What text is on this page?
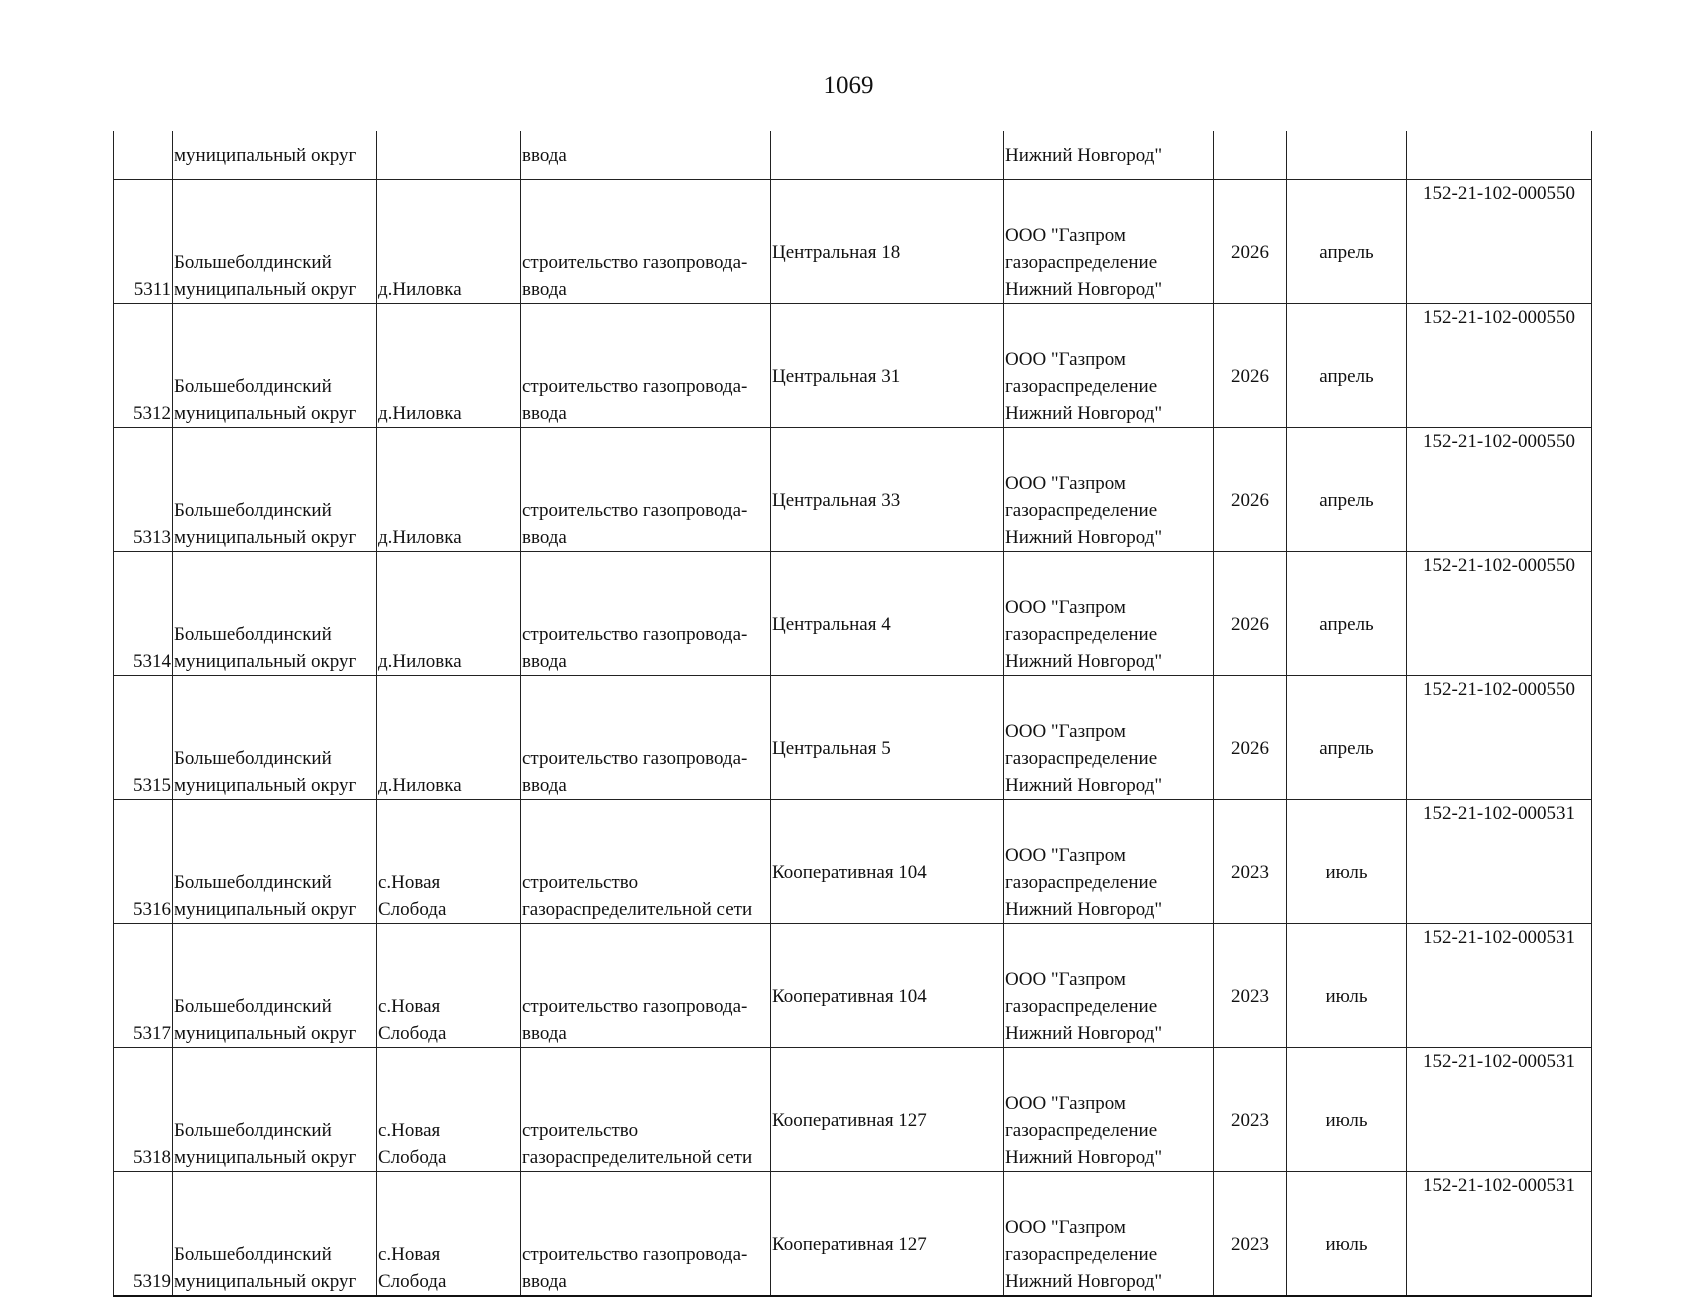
1069
	муниципальный округ		ввода		Нижний Новгород"			
5311	Большеболдинский
муниципальный округ	д.Ниловка	строительство газопровода-
ввода	Центральная 18	ООО "Газпром
газораспределение
Нижний Новгород"	2026	апрель	152-21-102-000550
5312	Большеболдинский
муниципальный округ	д.Ниловка	строительство газопровода-
ввода	Центральная 31	ООО "Газпром
газораспределение
Нижний Новгород"	2026	апрель	152-21-102-000550
5313	Большеболдинский
муниципальный округ	д.Ниловка	строительство газопровода-
ввода	Центральная 33	ООО "Газпром
газораспределение
Нижний Новгород"	2026	апрель	152-21-102-000550
5314	Большеболдинский
муниципальный округ	д.Ниловка	строительство газопровода-
ввода	Центральная 4	ООО "Газпром
газораспределение
Нижний Новгород"	2026	апрель	152-21-102-000550
5315	Большеболдинский
муниципальный округ	д.Ниловка	строительство газопровода-
ввода	Центральная 5	ООО "Газпром
газораспределение
Нижний Новгород"	2026	апрель	152-21-102-000550
5316	Большеболдинский
муниципальный округ	с.Новая
Слобода	строительство
газораспределительной сети	Кооперативная 104	ООО "Газпром
газораспределение
Нижний Новгород"	2023	июль	152-21-102-000531
5317	Большеболдинский
муниципальный округ	с.Новая
Слобода	строительство газопровода-
ввода	Кооперативная 104	ООО "Газпром
газораспределение
Нижний Новгород"	2023	июль	152-21-102-000531
5318	Большеболдинский
муниципальный округ	с.Новая
Слобода	строительство
газораспределительной сети	Кооперативная 127	ООО "Газпром
газораспределение
Нижний Новгород"	2023	июль	152-21-102-000531
5319	Большеболдинский
муниципальный округ	с.Новая
Слобода	строительство газопровода-
ввода	Кооперативная 127	ООО "Газпром
газораспределение
Нижний Новгород"	2023	июль	152-21-102-000531
